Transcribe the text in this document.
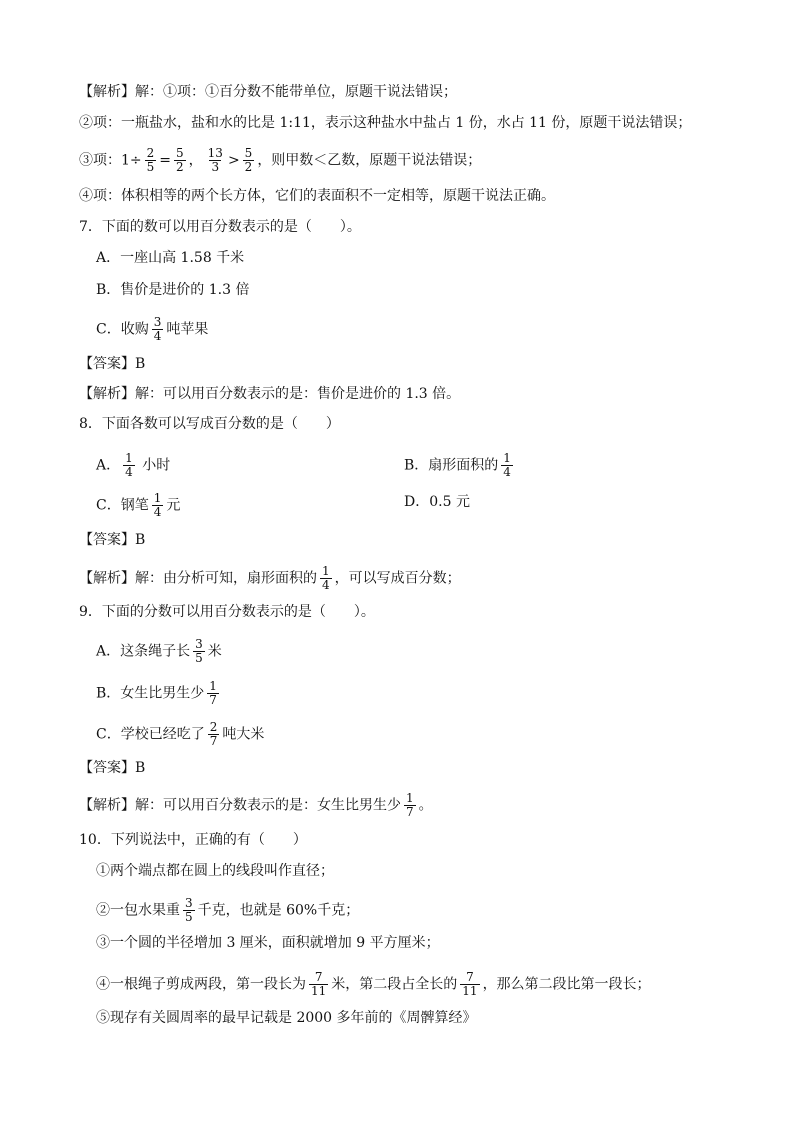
【解析】解：①项：①百分数不能带单位，原题干说法错误；
②项：一瓶盐水，盐和水的比是 1:11，表示这种盐水中盐占 1 份，水占 11 份，原题干说法错误；
③项：$1\div \frac{2}{5} = \frac{5}{2}$ ， $\frac{13}{3} > \frac{5}{2}$ ，则甲数＜乙数，原题干说法错误；
④项：体积相等的两个长方体，它们的表面积不一定相等，原题干说法正确。
7．下面的数可以用百分数表示的是（　　）。
A．一座山高 1.58 千米
B．售价是进价的 1.3 倍
C．收购 $\frac{3}{4}$ 吨苹果
【答案】B
【解析】解：可以用百分数表示的是：售价是进价的 1.3 倍。
8．下面各数可以写成百分数的是（　　）
A． $\frac{1}{4}$ 小时	B．扇形面积的 $\frac{1}{4}$
C．钢笔 $\frac{1}{4}$ 元	D．0.5 元
【答案】B
【解析】解：由分析可知，扇形面积的 $\frac{1}{4}$ ，可以写成百分数；
9．下面的分数可以用百分数表示的是（　　）。
A．这条绳子长 $\frac{3}{5}$ 米
B．女生比男生少 $\frac{1}{7}$
C．学校已经吃了 $\frac{2}{7}$ 吨大米
【答案】B
【解析】解：可以用百分数表示的是：女生比男生少 $\frac{1}{7}$ 。
10．下列说法中，正确的有（　　）
①两个端点都在圆上的线段叫作直径；
②一包水果重 $\frac{3}{5}$ 千克，也就是 60%千克；
③一个圆的半径增加 3 厘米，面积就增加 9 平方厘米；
④一根绳子剪成两段，第一段长为 $\frac{7}{11}$ 米，第二段占全长的 $\frac{7}{11}$ ，那么第二段比第一段长；
⑤现存有关圆周率的最早记载是 2000 多年前的《周髀算经》
